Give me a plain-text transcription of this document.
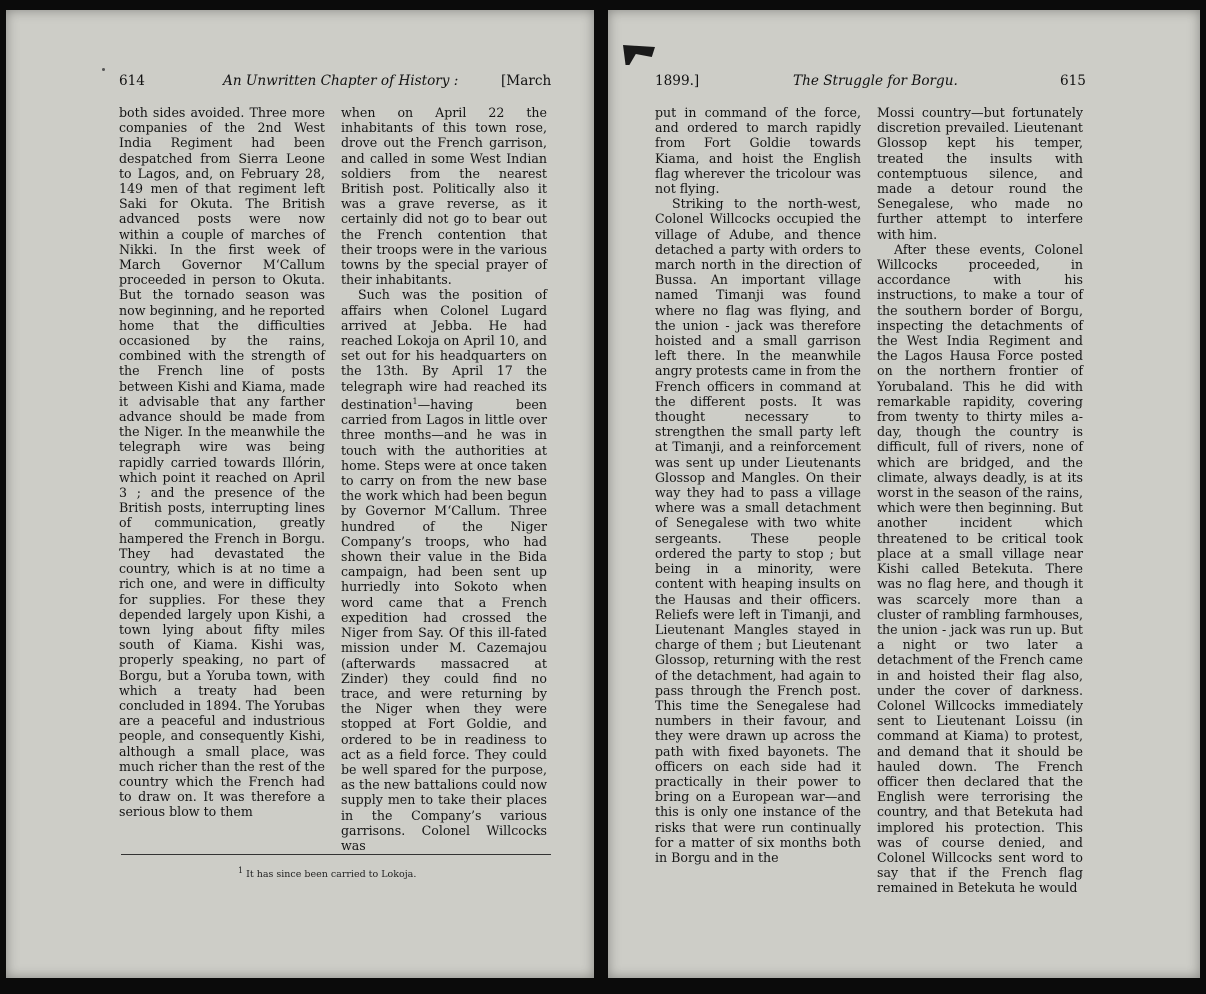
614	An Unwritten Chapter of History :	[March

both sides avoided. Three more companies of the 2nd West India Regiment had been despatched from Sierra Leone to Lagos, and, on February 28, 149 men of that regiment left Saki for Okuta. The British advanced posts were now within a couple of marches of Nikki. In the first week of March Governor M‘Callum proceeded in person to Okuta. But the tornado season was now beginning, and he reported home that the difficulties occasioned by the rains, combined with the strength of the French line of posts between Kishi and Kiama, made it advisable that any farther advance should be made from the Niger. In the meanwhile the telegraph wire was being rapidly carried towards Illórin, which point it reached on April 3 ; and the presence of the British posts, interrupting lines of communication, greatly hampered the French in Borgu. They had devastated the country, which is at no time a rich one, and were in difficulty for supplies. For these they depended largely upon Kishi, a town lying about fifty miles south of Kiama. Kishi was, properly speaking, no part of Borgu, but a Yoruba town, with which a treaty had been concluded in 1894. The Yorubas are a peaceful and industrious people, and consequently Kishi, although a small place, was much richer than the rest of the country which the French had to draw on. It was therefore a serious blow to them

when on April 22 the inhabitants of this town rose, drove out the French garrison, and called in some West Indian soldiers from the nearest British post. Politically also it was a grave reverse, as it certainly did not go to bear out the French contention that their troops were in the various towns by the special prayer of their inhabitants.

Such was the position of affairs when Colonel Lugard arrived at Jebba. He had reached Lokoja on April 10, and set out for his headquarters on the 13th. By April 17 the telegraph wire had reached its destination$^1$—having been carried from Lagos in little over three months—and he was in touch with the authorities at home. Steps were at once taken to carry on from the new base the work which had been begun by Governor M‘Callum. Three hundred of the Niger Company’s troops, who had shown their value in the Bida campaign, had been sent up hurriedly into Sokoto when word came that a French expedition had crossed the Niger from Say. Of this ill-fated mission under M. Cazemajou (afterwards massacred at Zinder) they could find no trace, and were returning by the Niger when they were stopped at Fort Goldie, and ordered to be in readiness to act as a field force. They could be well spared for the purpose, as the new battalions could now supply men to take their places in the Company’s various garrisons. Colonel Willcocks was

$^1$ It has since been carried to Lokoja.
1899.]	The Struggle for Borgu.	615

put in command of the force, and ordered to march rapidly from Fort Goldie towards Kiama, and hoist the English flag wherever the tricolour was not flying.

Striking to the north-west, Colonel Willcocks occupied the village of Adube, and thence detached a party with orders to march north in the direction of Bussa. An important village named Timanji was found where no flag was flying, and the union - jack was therefore hoisted and a small garrison left there. In the meanwhile angry protests came in from the French officers in command at the different posts. It was thought necessary to strengthen the small party left at Timanji, and a reinforcement was sent up under Lieutenants Glossop and Mangles. On their way they had to pass a village where was a small detachment of Senegalese with two white sergeants. These people ordered the party to stop ; but being in a minority, were content with heaping insults on the Hausas and their officers. Reliefs were left in Timanji, and Lieutenant Mangles stayed in charge of them ; but Lieutenant Glossop, returning with the rest of the detachment, had again to pass through the French post. This time the Senegalese had numbers in their favour, and they were drawn up across the path with fixed bayonets. The officers on each side had it practically in their power to bring on a European war—and this is only one instance of the risks that were run continually for a matter of six months both in Borgu and in the

Mossi country—but fortunately discretion prevailed. Lieutenant Glossop kept his temper, treated the insults with contemptuous silence, and made a detour round the Senegalese, who made no further attempt to interfere with him.

After these events, Colonel Willcocks proceeded, in accordance with his instructions, to make a tour of the southern border of Borgu, inspecting the detachments of the West India Regiment and the Lagos Hausa Force posted on the northern frontier of Yorubaland. This he did with remarkable rapidity, covering from twenty to thirty miles a-day, though the country is difficult, full of rivers, none of which are bridged, and the climate, always deadly, is at its worst in the season of the rains, which were then beginning. But another incident which threatened to be critical took place at a small village near Kishi called Betekuta. There was no flag here, and though it was scarcely more than a cluster of rambling farmhouses, the union - jack was run up. But a night or two later a detachment of the French came in and hoisted their flag also, under the cover of darkness. Colonel Willcocks immediately sent to Lieutenant Loissu (in command at Kiama) to protest, and demand that it should be hauled down. The French officer then declared that the English were terrorising the country, and that Betekuta had implored his protection. This was of course denied, and Colonel Willcocks sent word to say that if the French flag remained in Betekuta he would
